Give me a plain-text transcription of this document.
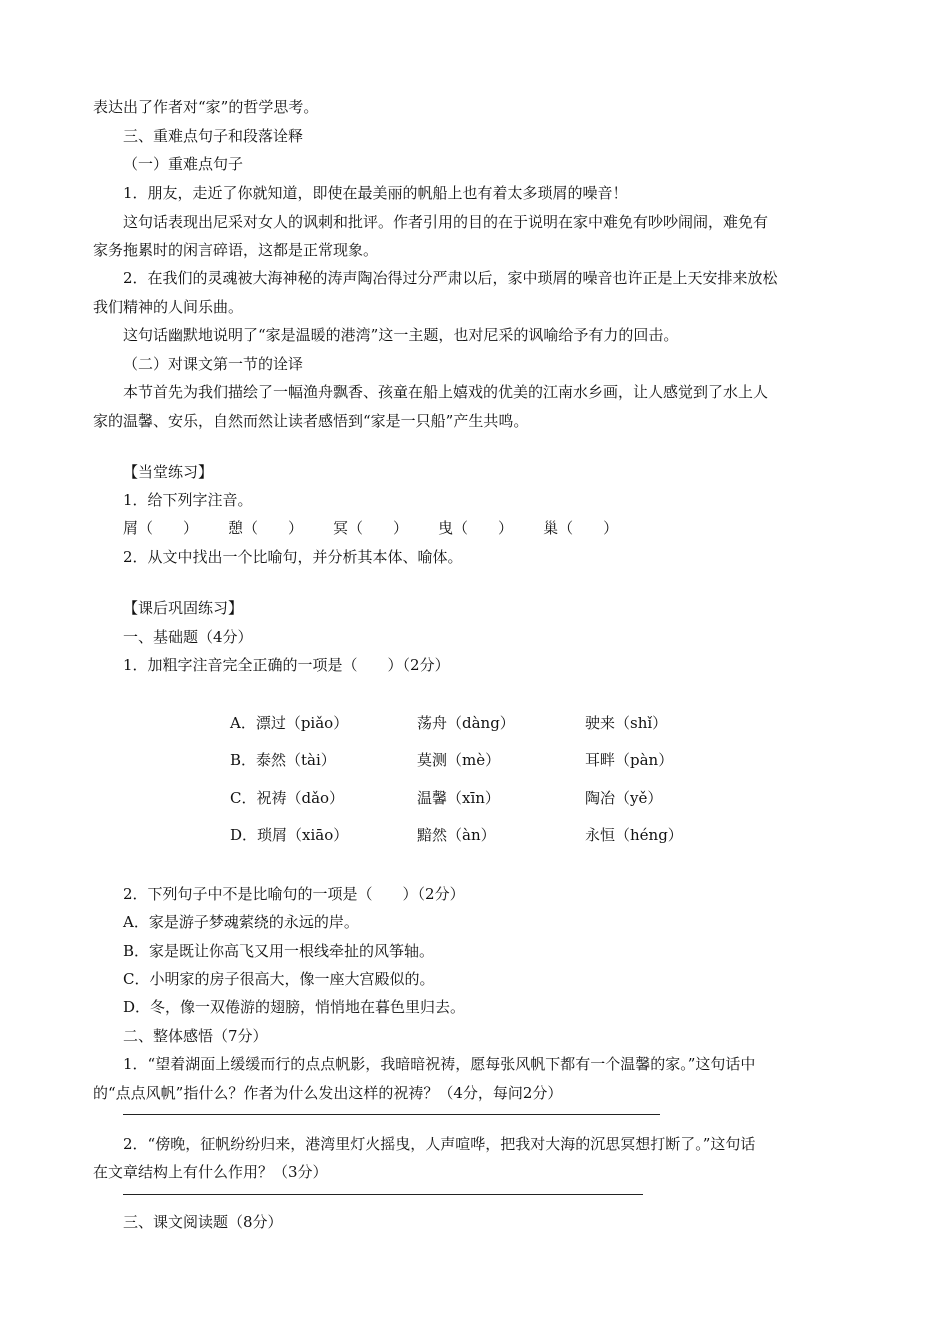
表达出了作者对“家”的哲学思考。
三、重难点句子和段落诠释
（一）重难点句子
1．朋友，走近了你就知道，即使在最美丽的帆船上也有着太多琐屑的噪音！
这句话表现出尼采对女人的讽刺和批评。作者引用的目的在于说明在家中难免有吵吵闹闹，难免有
家务拖累时的闲言碎语，这都是正常现象。
2．在我们的灵魂被大海神秘的涛声陶冶得过分严肃以后，家中琐屑的噪音也许正是上天安排来放松
我们精神的人间乐曲。
这句话幽默地说明了“家是温暖的港湾”这一主题，也对尼采的讽喻给予有力的回击。
（二）对课文第一节的诠译
本节首先为我们描绘了一幅渔舟飘香、孩童在船上嬉戏的优美的江南水乡画，让人感觉到了水上人
家的温馨、安乐，自然而然让读者感悟到“家是一只船”产生共鸣。
【当堂练习】
1．给下列字注音。
屑（　　） 憩（　　） 冥（　　） 曳（　　） 巢（　　）
2．从文中找出一个比喻句，并分析其本体、喻体。
【课后巩固练习】
一、基础题（4分）
1．加粗字注音完全正确的一项是（　　）（2分）
A．漂过（piǎo）	荡舟（dàng）	驶来（shǐ）
B．泰然（tài）	莫测（mè）	耳畔（pàn）
C．祝祷（dǎo）	温馨（xīn）	陶冶（yě）
D．琐屑（xiāo）	黯然（àn）	永恒（héng）
2．下列句子中不是比喻句的一项是（　　）（2分）
A．家是游子梦魂萦绕的永远的岸。
B．家是既让你高飞又用一根线牵扯的风筝轴。
C．小明家的房子很高大，像一座大宫殿似的。
D．冬，像一双倦游的翅膀，悄悄地在暮色里归去。
二、整体感悟（7分）
1．“望着湖面上缓缓而行的点点帆影，我暗暗祝祷，愿每张风帆下都有一个温馨的家。”这句话中
的“点点风帆”指什么？作者为什么发出这样的祝祷？（4分，每问2分）
2．“傍晚，征帆纷纷归来，港湾里灯火摇曳，人声喧哗，把我对大海的沉思冥想打断了。”这句话
在文章结构上有什么作用？（3分）
三、课文阅读题（8分）
